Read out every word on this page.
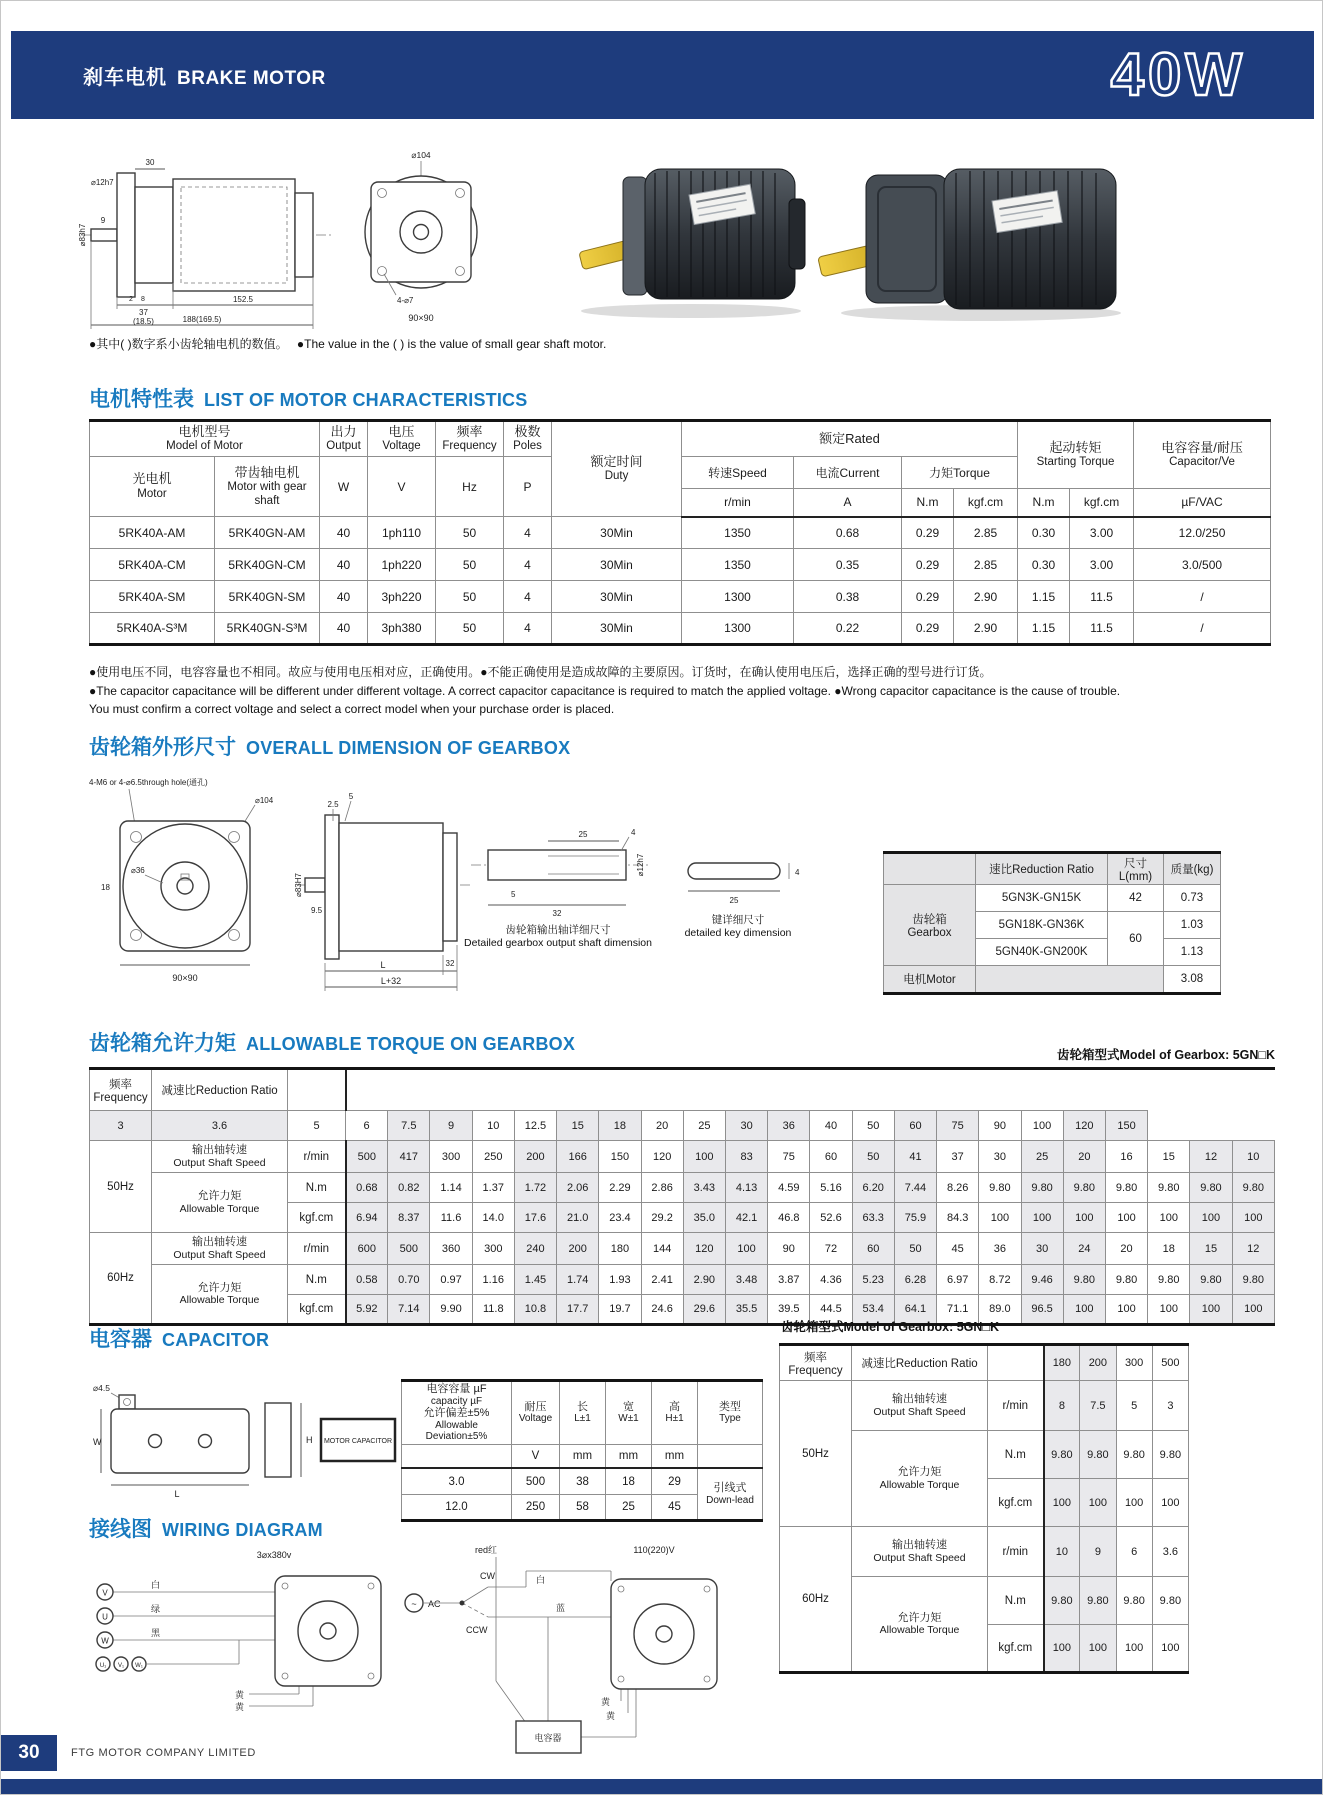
刹车电机 BRAKE MOTOR	40W
9
30
⌀12h7
⌀83h7
2 8
37
(18.5)
152.5
188(169.5)
⌀104
4-⌀7
90×90
●其中( )数字系小齿轮轴电机的数值。 ●The value in the ( ) is the value of small gear shaft motor.
电机特性表 LIST OF MOTOR CHARACTERISTICS
电机型号
Model of Motor		出力
Output	电压
Voltage	频率
Frequency	极数
Poles	额定时间
Duty	额定Rated				起动转矩
Starting Torque		电容容量/耐压
Capacitor/Ve

光电机
Motor	带齿轴电机
Motor with gear shaft	W	V	Hz	P		转速Speed	电流Current	力矩Torque				
							r/min	A	N.m	kgf.cm	N.m	kgf.cm	µF/VAC
5RK40A-AM	5RK40GN-AM	40	1ph110	50	4	30Min	1350	0.68	0.29	2.85	0.30	3.00	12.0/250
5RK40A-CM	5RK40GN-CM	40	1ph220	50	4	30Min	1350	0.35	0.29	2.85	0.30	3.00	3.0/500
5RK40A-SM	5RK40GN-SM	40	3ph220	50	4	30Min	1300	0.38	0.29	2.90	1.15	11.5	/
5RK40A-S³M	5RK40GN-S³M	40	3ph380	50	4	30Min	1300	0.22	0.29	2.90	1.15	11.5	/
●使用电压不同，电容容量也不相同。故应与使用电压相对应，正确使用。●不能正确使用是造成故障的主要原因。订货时，在确认使用电压后，选择正确的型号进行订货。
●The capacitor capacitance will be different under different voltage. A correct capacitor capacitance is required to match the applied voltage. ●Wrong capacitor capacitance is the cause of trouble.
You must confirm a correct voltage and select a correct model when your purchase order is placed.
齿轮箱外形尺寸 OVERALL DIMENSION OF GEARBOX
4-M6 or 4-⌀6.5through hole(通孔)
⌀104
18
⌀36
90×90
2.5
5
9.5
⌀83H7
L	32
L+32
4
25
5
32
⌀12h7
齿轮箱输出轴详细尺寸
Detailed gearbox output shaft dimension
25
4
键详细尺寸
detailed key dimension
	速比Reduction Ratio	尺寸L(mm)	质量(kg)

齿轮箱
Gearbox	5GN3K-GN15K	42	0.73
	5GN18K-GN36K	60	1.03
	5GN40K-GN200K		1.13
电机Motor			3.08
齿轮箱允许力矩 ALLOWABLE TORQUE ON GEARBOX
齿轮箱型式Model of Gearbox: 5GN□K
频率Frequency	减速比Reduction Ratio																						
3	3.6	5	6	7.5	9	10	12.5	15	18	20	25	30	36	40	50	60	75	90	100	120	150			
50Hz	输出轴转速
Output Shaft Speed	r/min	500	417	300	250	200	166	150	120	100	83	75	60	50	41	37	30	25	20	16	15	12	10

	允许力矩
Allowable Torque	N.m	0.68	0.82	1.14	1.37	1.72	2.06	2.29	2.86	3.43	4.13	4.59	5.16	6.20	7.44	8.26	9.80	9.80	9.80	9.80	9.80	9.80	9.80
		kgf.cm	6.94	8.37	11.6	14.0	17.6	21.0	23.4	29.2	35.0	42.1	46.8	52.6	63.3	75.9	84.3	100	100	100	100	100	100	100
60Hz	输出轴转速
Output Shaft Speed	r/min	600	500	360	300	240	200	180	144	120	100	90	72	60	50	45	36	30	24	20	18	15	12

	允许力矩
Allowable Torque	N.m	0.58	0.70	0.97	1.16	1.45	1.74	1.93	2.41	2.90	3.48	3.87	4.36	5.23	6.28	6.97	8.72	9.46	9.80	9.80	9.80	9.80	9.80
		kgf.cm	5.92	7.14	9.90	11.8	10.8	17.7	19.7	24.6	29.6	35.5	39.5	44.5	53.4	64.1	71.1	89.0	96.5	100	100	100	100	100
电容器 CAPACITOR
齿轮箱型式Model of Gearbox: 5GN□K
⌀4.5
W
L
H MOTOR CAPACITOR
电容容量 µF
capacity µF
允许偏差±5%
Allowable Deviation±5%	耐压
Voltage	长
L±1	宽
W±1	高
H±1	类型
Type

	V	mm	mm	mm	
3.0	500	38	18	29	引线式
Down-lead

12.0	250	58	25	45	
频率Frequency	减速比Reduction Ratio		180	200	300	500
50Hz	输出轴转速
Output Shaft Speed	r/min	8	7.5	5	3

	允许力矩
Allowable Torque	N.m	9.80	9.80	9.80	9.80
		kgf.cm	100	100	100	100
60Hz	输出轴转速
Output Shaft Speed	r/min	10	9	6	3.6

	允许力矩
Allowable Torque	N.m	9.80	9.80	9.80	9.80
		kgf.cm	100	100	100	100
接线图 WIRING DIAGRAM
3⌀x380v
V
U
W
U₁ V₁ W₁
白
绿
黑
黄
黄
red红	110(220)V
~ AC
CW
CCW
白
蓝
黄
黄
电容器
30	FTG MOTOR COMPANY LIMITED
